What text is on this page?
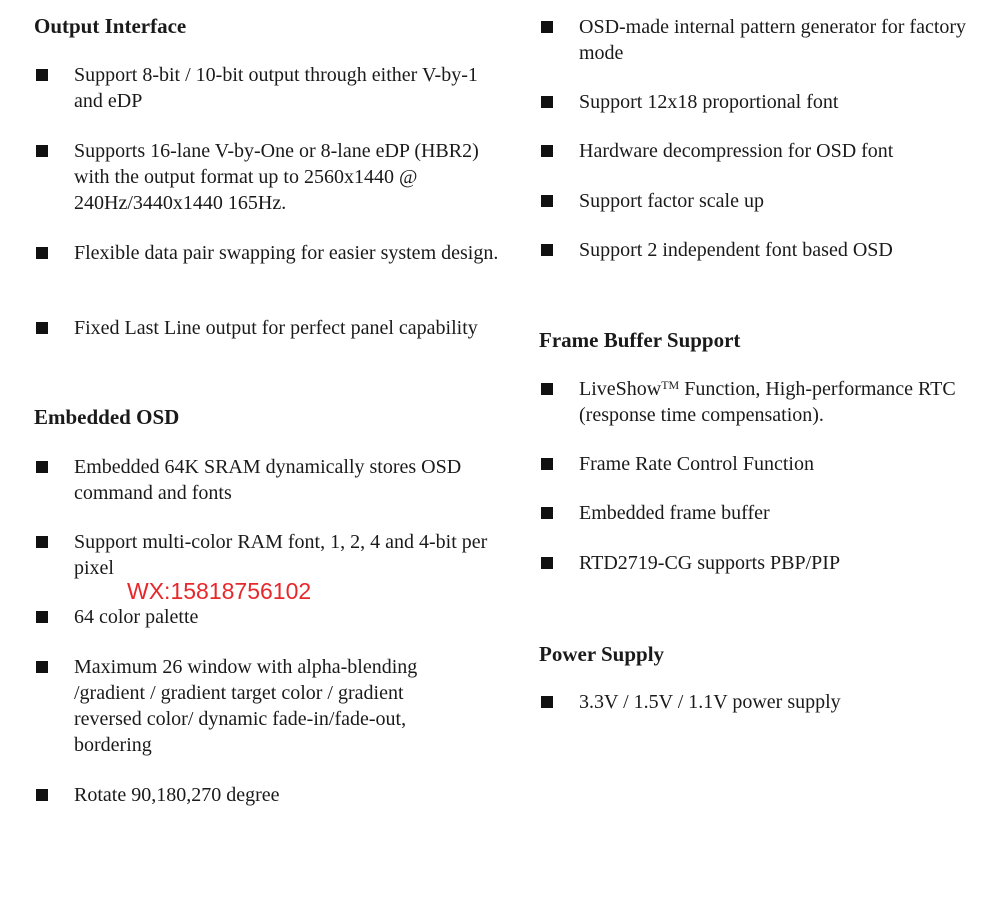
Output Interface
Support 8-bit / 10-bit output through either V-by-1 and eDP
Supports 16-lane V-by-One or 8-lane eDP (HBR2) with the output format up to 2560x1440 @ 240Hz/3440x1440 165Hz.
Flexible data pair swapping for easier system design.
Fixed Last Line output for perfect panel capability
Embedded OSD
Embedded 64K SRAM dynamically stores OSD command and fonts
Support multi-color RAM font, 1, 2, 4 and 4-bit per pixel
64 color palette
Maximum 26 window with alpha-blending /gradient / gradient target color / gradient reversed color/ dynamic fade-in/fade-out, bordering
Rotate 90,180,270 degree
WX:15818756102
OSD-made internal pattern generator for factory mode
Support 12x18 proportional font
Hardware decompression for OSD font
Support factor scale up
Support 2 independent font based OSD
Frame Buffer Support
LiveShow™ Function, High-performance RTC (response time compensation).
Frame Rate Control Function
Embedded frame buffer
RTD2719-CG supports PBP/PIP
Power Supply
3.3V / 1.5V / 1.1V power supply
